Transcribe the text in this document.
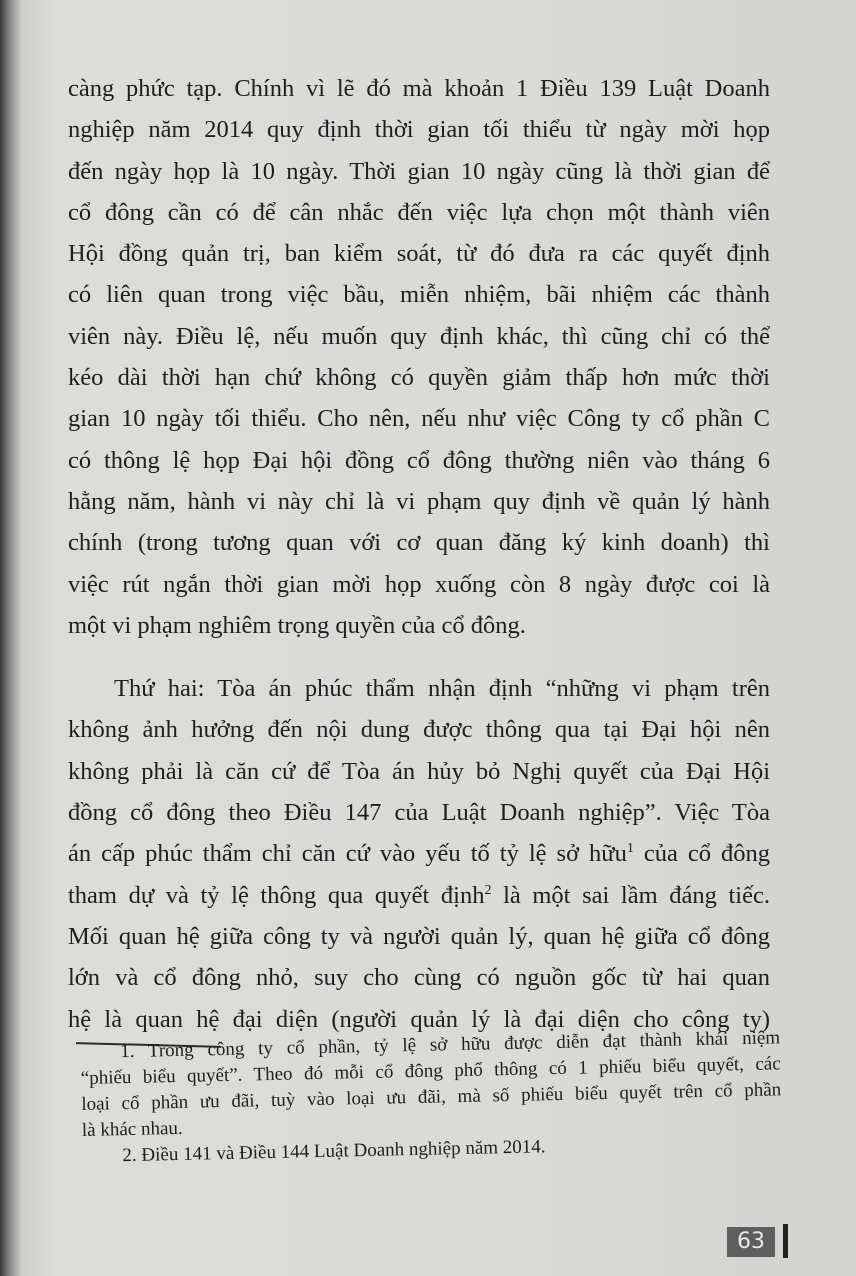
càng phức tạp. Chính vì lẽ đó mà khoản 1 Điều 139 Luật Doanh
nghiệp năm 2014 quy định thời gian tối thiểu từ ngày mời họp
đến ngày họp là 10 ngày. Thời gian 10 ngày cũng là thời gian để
cổ đông cần có để cân nhắc đến việc lựa chọn một thành viên
Hội đồng quản trị, ban kiểm soát, từ đó đưa ra các quyết định
có liên quan trong việc bầu, miễn nhiệm, bãi nhiệm các thành
viên này. Điều lệ, nếu muốn quy định khác, thì cũng chỉ có thể
kéo dài thời hạn chứ không có quyền giảm thấp hơn mức thời
gian 10 ngày tối thiểu. Cho nên, nếu như việc Công ty cổ phần C
có thông lệ họp Đại hội đồng cổ đông thường niên vào tháng 6
hằng năm, hành vi này chỉ là vi phạm quy định về quản lý hành
chính (trong tương quan với cơ quan đăng ký kinh doanh) thì
việc rút ngắn thời gian mời họp xuống còn 8 ngày được coi là
một vi phạm nghiêm trọng quyền của cổ đông.
Thứ hai: Tòa án phúc thẩm nhận định “những vi phạm trên
không ảnh hưởng đến nội dung được thông qua tại Đại hội nên
không phải là căn cứ để Tòa án hủy bỏ Nghị quyết của Đại Hội
đồng cổ đông theo Điều 147 của Luật Doanh nghiệp”. Việc Tòa
án cấp phúc thẩm chỉ căn cứ vào yếu tố tỷ lệ sở hữu$^1$ của cổ đông
tham dự và tỷ lệ thông qua quyết định$^2$ là một sai lầm đáng tiếc.
Mối quan hệ giữa công ty và người quản lý, quan hệ giữa cổ đông
lớn và cổ đông nhỏ, suy cho cùng có nguồn gốc từ hai quan
hệ là quan hệ đại diện (người quản lý là đại diện cho công ty)
1. Trong công ty cổ phần, tỷ lệ sở hữu được diễn đạt thành khái niệm
“phiếu biểu quyết”. Theo đó mỗi cổ đông phổ thông có 1 phiếu biểu quyết, các
loại cổ phần ưu đãi, tuỳ vào loại ưu đãi, mà số phiếu biểu quyết trên cổ phần
là khác nhau.
2. Điều 141 và Điều 144 Luật Doanh nghiệp năm 2014.
63
